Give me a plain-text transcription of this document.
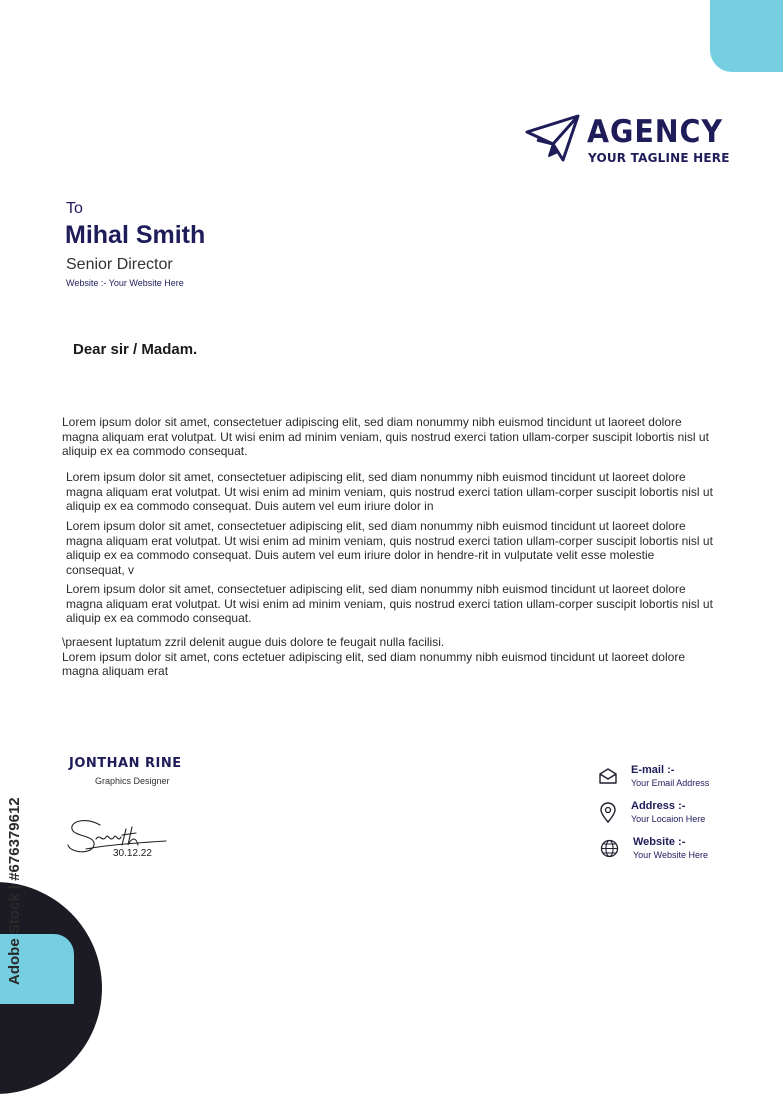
AGENCY
YOUR TAGLINE HERE
To
Mihal Smith
Senior Director
Website :- Your Website Here
Dear sir / Madam.

Lorem ipsum dolor sit amet, consectetuer adipiscing elit, sed diam nonummy nibh euismod tincidunt ut laoreet dolore magna aliquam erat volutpat. Ut wisi enim ad minim veniam, quis nostrud exerci tation ullam-corper suscipit lobortis nisl ut aliquip ex ea commodo consequat.

Lorem ipsum dolor sit amet, consectetuer adipiscing elit, sed diam nonummy nibh euismod tincidunt ut laoreet dolore magna aliquam erat volutpat. Ut wisi enim ad minim veniam, quis nostrud exerci tation ullam-corper suscipit lobortis nisl ut aliquip ex ea commodo consequat. Duis autem vel eum iriure dolor in

Lorem ipsum dolor sit amet, consectetuer adipiscing elit, sed diam nonummy nibh euismod tincidunt ut laoreet dolore magna aliquam erat volutpat. Ut wisi enim ad minim veniam, quis nostrud exerci tation ullam-corper suscipit lobortis nisl ut aliquip ex ea commodo consequat. Duis autem vel eum iriure dolor in hendre-rit in vulputate velit esse molestie consequat, v

Lorem ipsum dolor sit amet, consectetuer adipiscing elit, sed diam nonummy nibh euismod tincidunt ut laoreet dolore magna aliquam erat volutpat. Ut wisi enim ad minim veniam, quis nostrud exerci tation ullam-corper suscipit lobortis nisl ut aliquip ex ea commodo consequat.

\praesent luptatum zzril delenit augue duis dolore te feugait nulla facilisi.

Lorem ipsum dolor sit amet, cons ectetuer adipiscing elit, sed diam nonummy nibh euismod tincidunt ut laoreet dolore magna aliquam erat

JONTHAN RINE
Graphics Designer
30.12.22
E-mail :-
Your Email Address
Address :-
Your Locaion Here
Website :-
Your Website Here
Adobe Stock | #676379612
